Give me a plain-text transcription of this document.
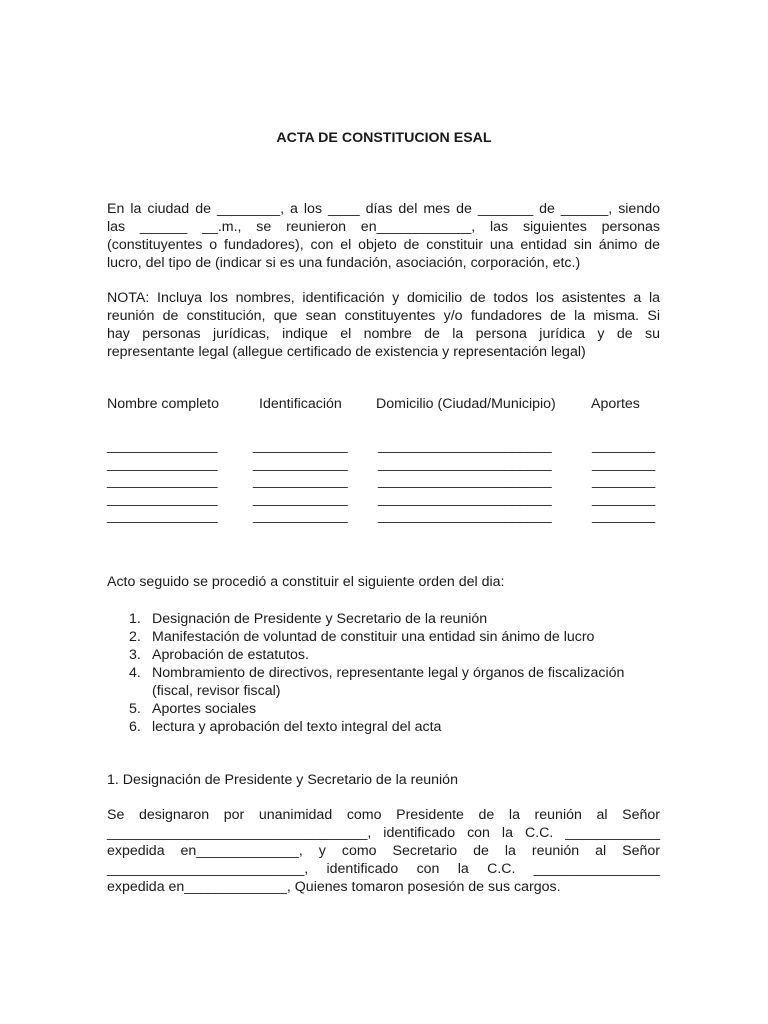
ACTA DE CONSTITUCION ESAL
En la ciudad de ________, a los ____ días del mes de _______ de ______, siendo
las ______ __.m., se reunieron en____________, las siguientes personas
(constituyentes o fundadores), con el objeto de constituir una entidad sin ánimo de
lucro, del tipo de (indicar si es una fundación, asociación, corporación, etc.)
NOTA: Incluya los nombres, identificación y domicilio de todos los asistentes a la
reunión de constitución, que sean constituyentes y/o fundadores de la misma. Si
hay personas jurídicas, indique el nombre de la persona jurídica y de su
representante legal (allegue certificado de existencia y representación legal)
Nombre completo	Identificación Domicilio (Ciudad/Municipio) Aportes
______________	____________ ______________________	________
______________	____________ ______________________	________
______________	____________ ______________________	________
______________	____________ ______________________	________
______________	____________ ______________________	________
Acto seguido se procedió a constituir el siguiente orden del dia:
1. Designación de Presidente y Secretario de la reunión
2. Manifestación de voluntad de constituir una entidad sin ánimo de lucro
3. Aprobación de estatutos.
4. Nombramiento de directivos, representante legal y órganos de fiscalización
(fiscal, revisor fiscal)
5. Aportes sociales
6. lectura y aprobación del texto integral del acta
1. Designación de Presidente y Secretario de la reunión
Se designaron por unanimidad como Presidente de la reunión al Señor
_________________________________, identificado con la C.C. ____________
expedida en_____________, y como Secretario de la reunión al Señor
_________________________, identificado con la C.C. ________________
expedida en_____________, Quienes tomaron posesión de sus cargos.
